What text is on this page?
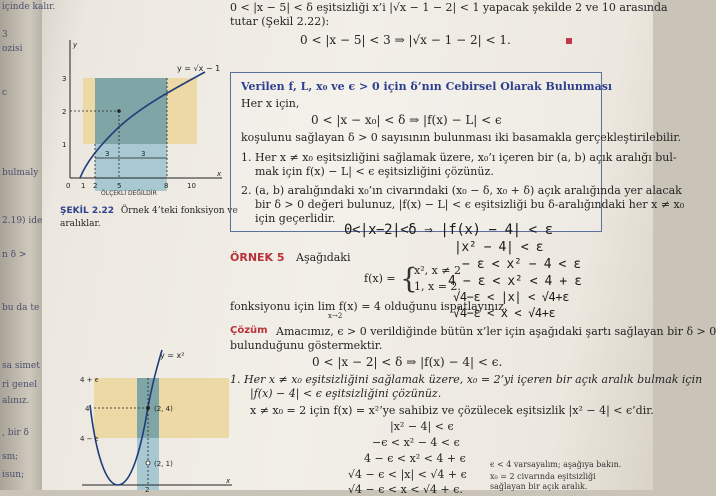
içinde kalır.
3
ozisi
c
bulmaly
2.19) ide
n δ >
bu da te
sa simet
ri genel
alınız.
, bir δ
sm;
isun;
0 < |x − 5| < δ eşitsizliği x’i |√x − 1 − 2| < 1 yapacak şekilde 2 ve 10 arasında
tutar (Şekil 2.22):
0 < |x − 5| < 3 ⇒ |√x − 1 − 2| < 1.
y = √x − 1
3
2
1
0 1 2	5	8	10
x
y
3	3
ÖLÇEKLİ DEĞİLDİR
ŞEKİL 2.22 Örnek 4’teki fonksiyon ve
aralıklar.
Verilen f, L, x₀ ve ϵ > 0 için δ’nın Cebirsel Olarak Bulunması
Her x için,
0 < |x − x₀| < δ ⇒ |f(x) − L| < ϵ
koşulunu sağlayan δ > 0 sayısının bulunması iki basamakla gerçekleştirilebilir.
1. Her x ≠ x₀ eşitsizliğini sağlamak üzere, x₀’ı içeren bir (a, b) açık aralığı bul-
mak için f(x) − L| < ϵ eşitsizliğini çözünüz.
2. (a, b) aralığındaki x₀’ın civarındaki (x₀ − δ, x₀ + δ) açık aralığında yer alacak
bir δ > 0 değeri bulunuz, |f(x) − L| < ϵ eşitsizliği bu δ-aralığındaki her x ≠ x₀
için geçerlidir.
0<|x−2|<δ ⇒ |f(x) − 4| < ε
|x² − 4| < ε
− ε < x² − 4 < ε
4 − ε < x² < 4 + ε
√4−ε < |x| < √4+ε
√4−ε < x < √4+ε
ÖRNEK 5 Aşağıdaki
f(x) = {
x², x ≠ 2
1, x = 2.
fonksiyonu için lim f(x) = 4 olduğunu ispatlayınız.
x→2
Çözüm Amacımız, ϵ > 0 verildiğinde bütün x’ler için aşağıdaki şartı sağlayan bir δ > 0
bulunduğunu göstermektir.
0 < |x − 2| < δ ⇒ |f(x) − 4| < ϵ.
1. Her x ≠ x₀ eşitsizliğini sağlamak üzere, x₀ = 2’yi içeren bir açık aralık bulmak için
|f(x) − 4| < ϵ eşitsizliğini çözünüz.
x ≠ x₀ = 2 için f(x) = x²’ye sahibiz ve çözülecek eşitsizlik |x² − 4| < ϵ’dir.
|x² − 4| < ϵ
−ϵ < x² − 4 < ϵ
4 − ϵ < x² < 4 + ϵ
√4 − ϵ < |x| < √4 + ϵ
√4 − ϵ < x < √4 + ϵ.
ϵ < 4 varsayalım; aşağıya bakın.
x₀ = 2 civarında eşitsizliği
sağlayan bir açık aralık.
y = x²
4 + ϵ
4
4 − ϵ
(2, 4)
(2, 1)
x
2
